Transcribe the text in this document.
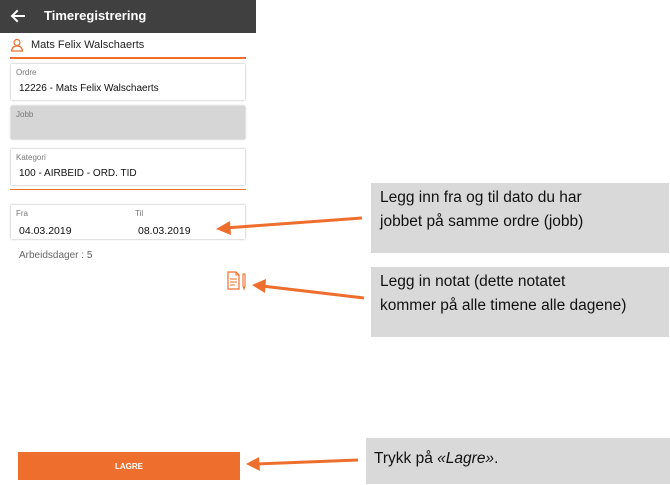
Timeregistrering
Mats Felix Walschaerts
Ordre
12226 - Mats Felix Walschaerts
Jobb
Kategori
100 - AIRBEID - ORD. TID
Fra
04.03.2019
Til
08.03.2019
Arbeidsdager : 5
LAGRE
Legg inn fra og til dato du har
jobbet på samme ordre (jobb)
Legg in notat (dette notatet
kommer på alle timene alle dagene)
Trykk på «Lagre».
